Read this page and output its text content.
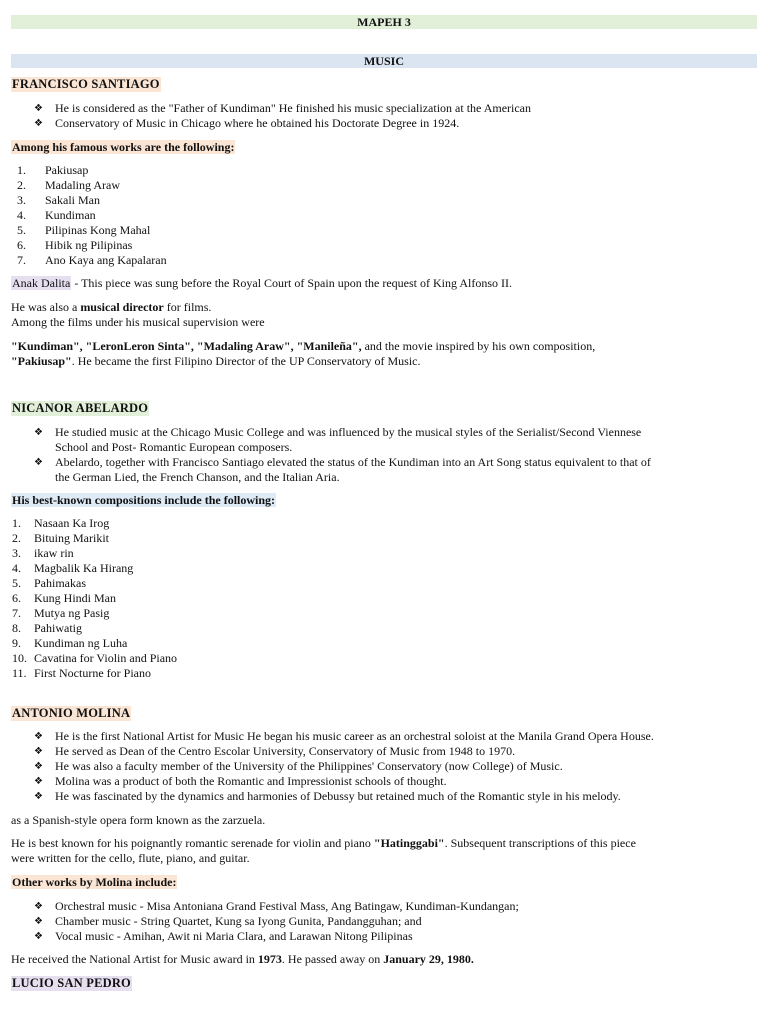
MAPEH 3
MUSIC
FRANCISCO SANTIAGO
❖ He is considered as the "Father of Kundiman" He finished his music specialization at the American
❖ Conservatory of Music in Chicago where he obtained his Doctorate Degree in 1924.
Among his famous works are the following:
1.	Pakiusap
2.	Madaling Araw
3.	Sakali Man
4.	Kundiman
5.	Pilipinas Kong Mahal
6.	Hibik ng Pilipinas
7.	Ano Kaya ang Kapalaran
Anak Dalita - This piece was sung before the Royal Court of Spain upon the request of King Alfonso II.

He was also a musical director for films.

Among the films under his musical supervision were

"Kundiman", "LeronLeron Sinta", "Madaling Araw", "Manileña", and the movie inspired by his own composition,

"Pakiusap". He became the first Filipino Director of the UP Conservatory of Music.

NICANOR ABELARDO
❖ He studied music at the Chicago Music College and was influenced by the musical styles of the Serialist/Second Viennese
School and Post- Romantic European composers.
❖ Abelardo, together with Francisco Santiago elevated the status of the Kundiman into an Art Song status equivalent to that of
the German Lied, the French Chanson, and the Italian Aria.
His best-known compositions include the following:
1.	Nasaan Ka Irog
2.	Bituing Marikit
3.	ikaw rin
4.	Magbalik Ka Hirang
5.	Pahimakas
6.	Kung Hindi Man
7.	Mutya ng Pasig
8.	Pahiwatig
9.	Kundiman ng Luha
10. Cavatina for Violin and Piano
11. First Nocturne for Piano
ANTONIO MOLINA
❖ He is the first National Artist for Music He began his music career as an orchestral soloist at the Manila Grand Opera House.
❖ He served as Dean of the Centro Escolar University, Conservatory of Music from 1948 to 1970.
❖ He was also a faculty member of the University of the Philippines' Conservatory (now College) of Music.
❖ Molina was a product of both the Romantic and Impressionist schools of thought.
❖ He was fascinated by the dynamics and harmonies of Debussy but retained much of the Romantic style in his melody.
as a Spanish-style opera form known as the zarzuela.

He is best known for his poignantly romantic serenade for violin and piano "Hatinggabi". Subsequent transcriptions of this piece

were written for the cello, flute, piano, and guitar.

Other works by Molina include:
❖ Orchestral music - Misa Antoniana Grand Festival Mass, Ang Batingaw, Kundiman-Kundangan;
❖ Chamber music - String Quartet, Kung sa Iyong Gunita, Pandangguhan; and
❖ Vocal music - Amihan, Awit ni Maria Clara, and Larawan Nitong Pilipinas
He received the National Artist for Music award in 1973. He passed away on January 29, 1980.
LUCIO SAN PEDRO
